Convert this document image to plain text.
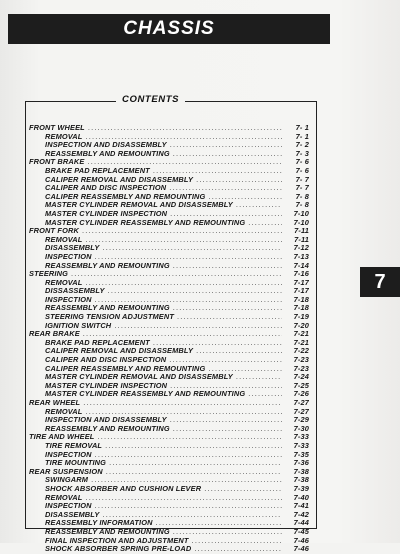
CHASSIS
7
CONTENTS
FRONT WHEEL .....	7- 1
REMOVAL .....	7- 1
INSPECTION AND DISASSEMBLY .....	7- 2
REASSEMBLY AND REMOUNTING .....	7- 3
FRONT BRAKE .....	7- 6
BRAKE PAD REPLACEMENT .....	7- 6
CALIPER REMOVAL AND DISASSEMBLY .....	7- 7
CALIPER AND DISC INSPECTION .....	7- 7
CALIPER REASSEMBLY AND REMOUNTING .....	7- 8
MASTER CYLINDER REMOVAL AND DISASSEMBLY .....	7- 8
MASTER CYLINDER INSPECTION .....	7-10
MASTER CYLINDER REASSEMBLY AND REMOUNTING .....	7-10
FRONT FORK .....	7-11
REMOVAL .....	7-11
DISASSEMBLY .....	7-12
INSPECTION .....	7-13
REASSEMBLY AND REMOUNTING .....	7-14
STEERING .....	7-16
REMOVAL .....	7-17
DISSASSEMBLY .....	7-17
INSPECTION .....	7-18
REASSEMBLY AND REMOUNTING .....	7-18
STEERING TENSION ADJUSTMENT .....	7-19
IGNITION SWITCH .....	7-20
REAR BRAKE .....	7-21
BRAKE PAD REPLACEMENT .....	7-21
CALIPER REMOVAL AND DISASSEMBLY .....	7-22
CALIPER AND DISC INSPECTION .....	7-23
CALIPER REASSEMBLY AND REMOUNTING .....	7-23
MASTER CYLINDER REMOVAL AND DISASSEMBLY .....	7-24
MASTER CYLINDER INSPECTION .....	7-25
MASTER CYLINDER REASSEMBLY AND REMOUNTING .....	7-26
REAR WHEEL .....	7-27
REMOVAL .....	7-27
INSPECTION AND DISASSEMBLY .....	7-29
REASSEMBLY AND REMOUNTING .....	7-30
TIRE AND WHEEL .....	7-33
TIRE REMOVAL .....	7-33
INSPECTION .....	7-35
TIRE MOUNTING .....	7-36
REAR SUSPENSION .....	7-38
SWINGARM .....	7-38
SHOCK ABSORBER AND CUSHION LEVER .....	7-39
REMOVAL .....	7-40
INSPECTION .....	7-41
DISASSEMBLY .....	7-42
REASSEMBLY INFORMATION .....	7-44
REASSEMBLY AND REMOUNTING .....	7-45
FINAL INSPECTION AND ADJUSTMENT .....	7-46
SHOCK ABSORBER SPRING PRE-LOAD .....	7-46
